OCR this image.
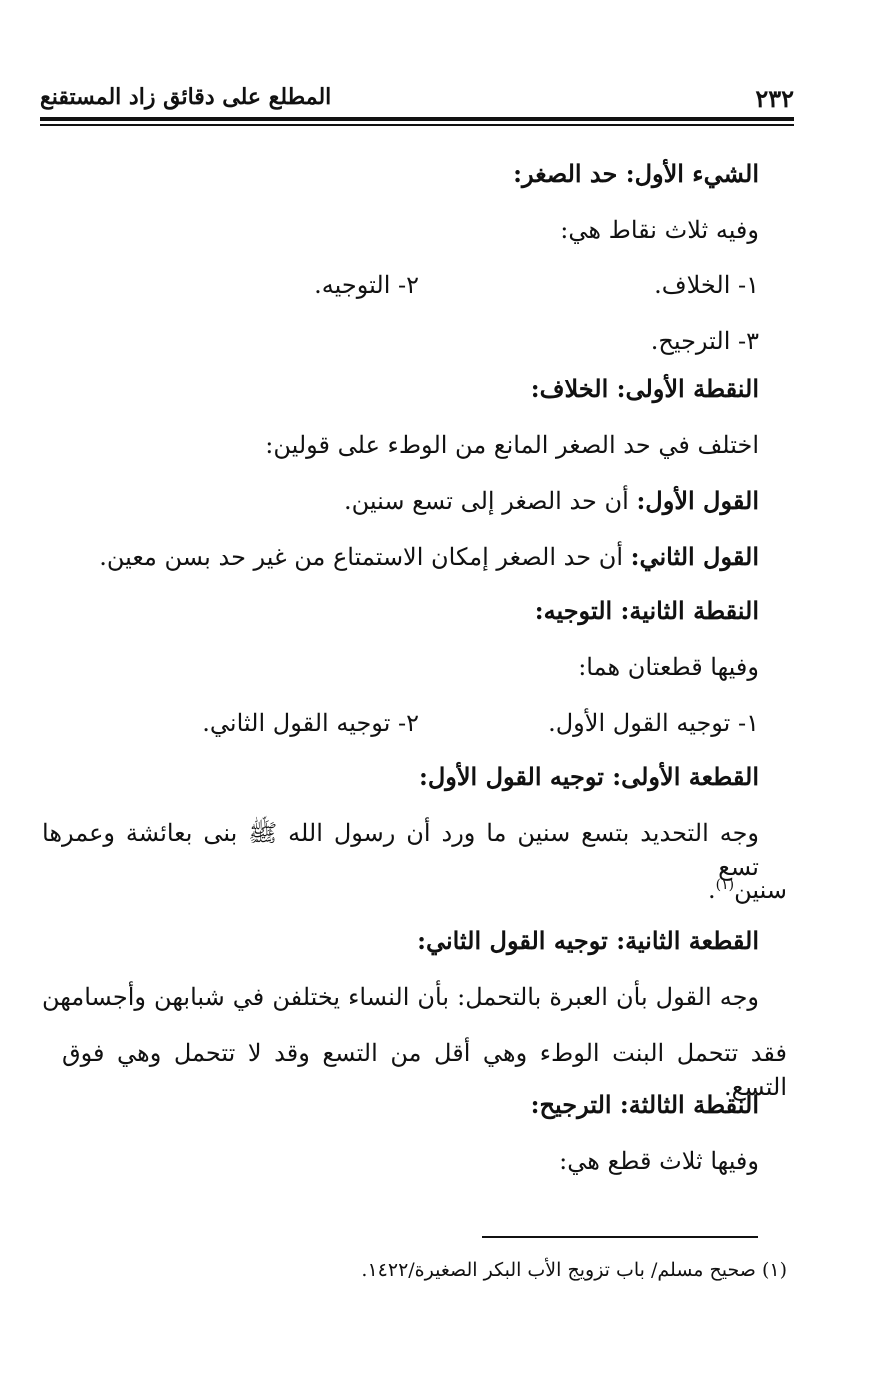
٢٣٢
المطلع على دقائق زاد المستقنع
الشيء الأول: حد الصغر:
وفيه ثلاث نقاط هي:
١- الخلاف.
٢- التوجيه.
٣- الترجيح.
النقطة الأولى: الخلاف:
اختلف في حد الصغر المانع من الوطء على قولين:
القول الأول: أن حد الصغر إلى تسع سنين.
القول الثاني: أن حد الصغر إمكان الاستمتاع من غير حد بسن معين.
النقطة الثانية: التوجيه:
وفيها قطعتان هما:
١- توجيه القول الأول.
٢- توجيه القول الثاني.
القطعة الأولى: توجيه القول الأول:
وجه التحديد بتسع سنين ما ورد أن رسول الله ﷺ بنى بعائشة وعمرها تسع
سنين$^{(١)}$.
القطعة الثانية: توجيه القول الثاني:
وجه القول بأن العبرة بالتحمل: بأن النساء يختلفن في شبابهن وأجسامهن
فقد تتحمل البنت الوطء وهي أقل من التسع وقد لا تتحمل وهي فوق التسع.
النقطة الثالثة: الترجيح:
وفيها ثلاث قطع هي:
(١) صحيح مسلم/ باب تزويج الأب البكر الصغيرة/١٤٢٢.
